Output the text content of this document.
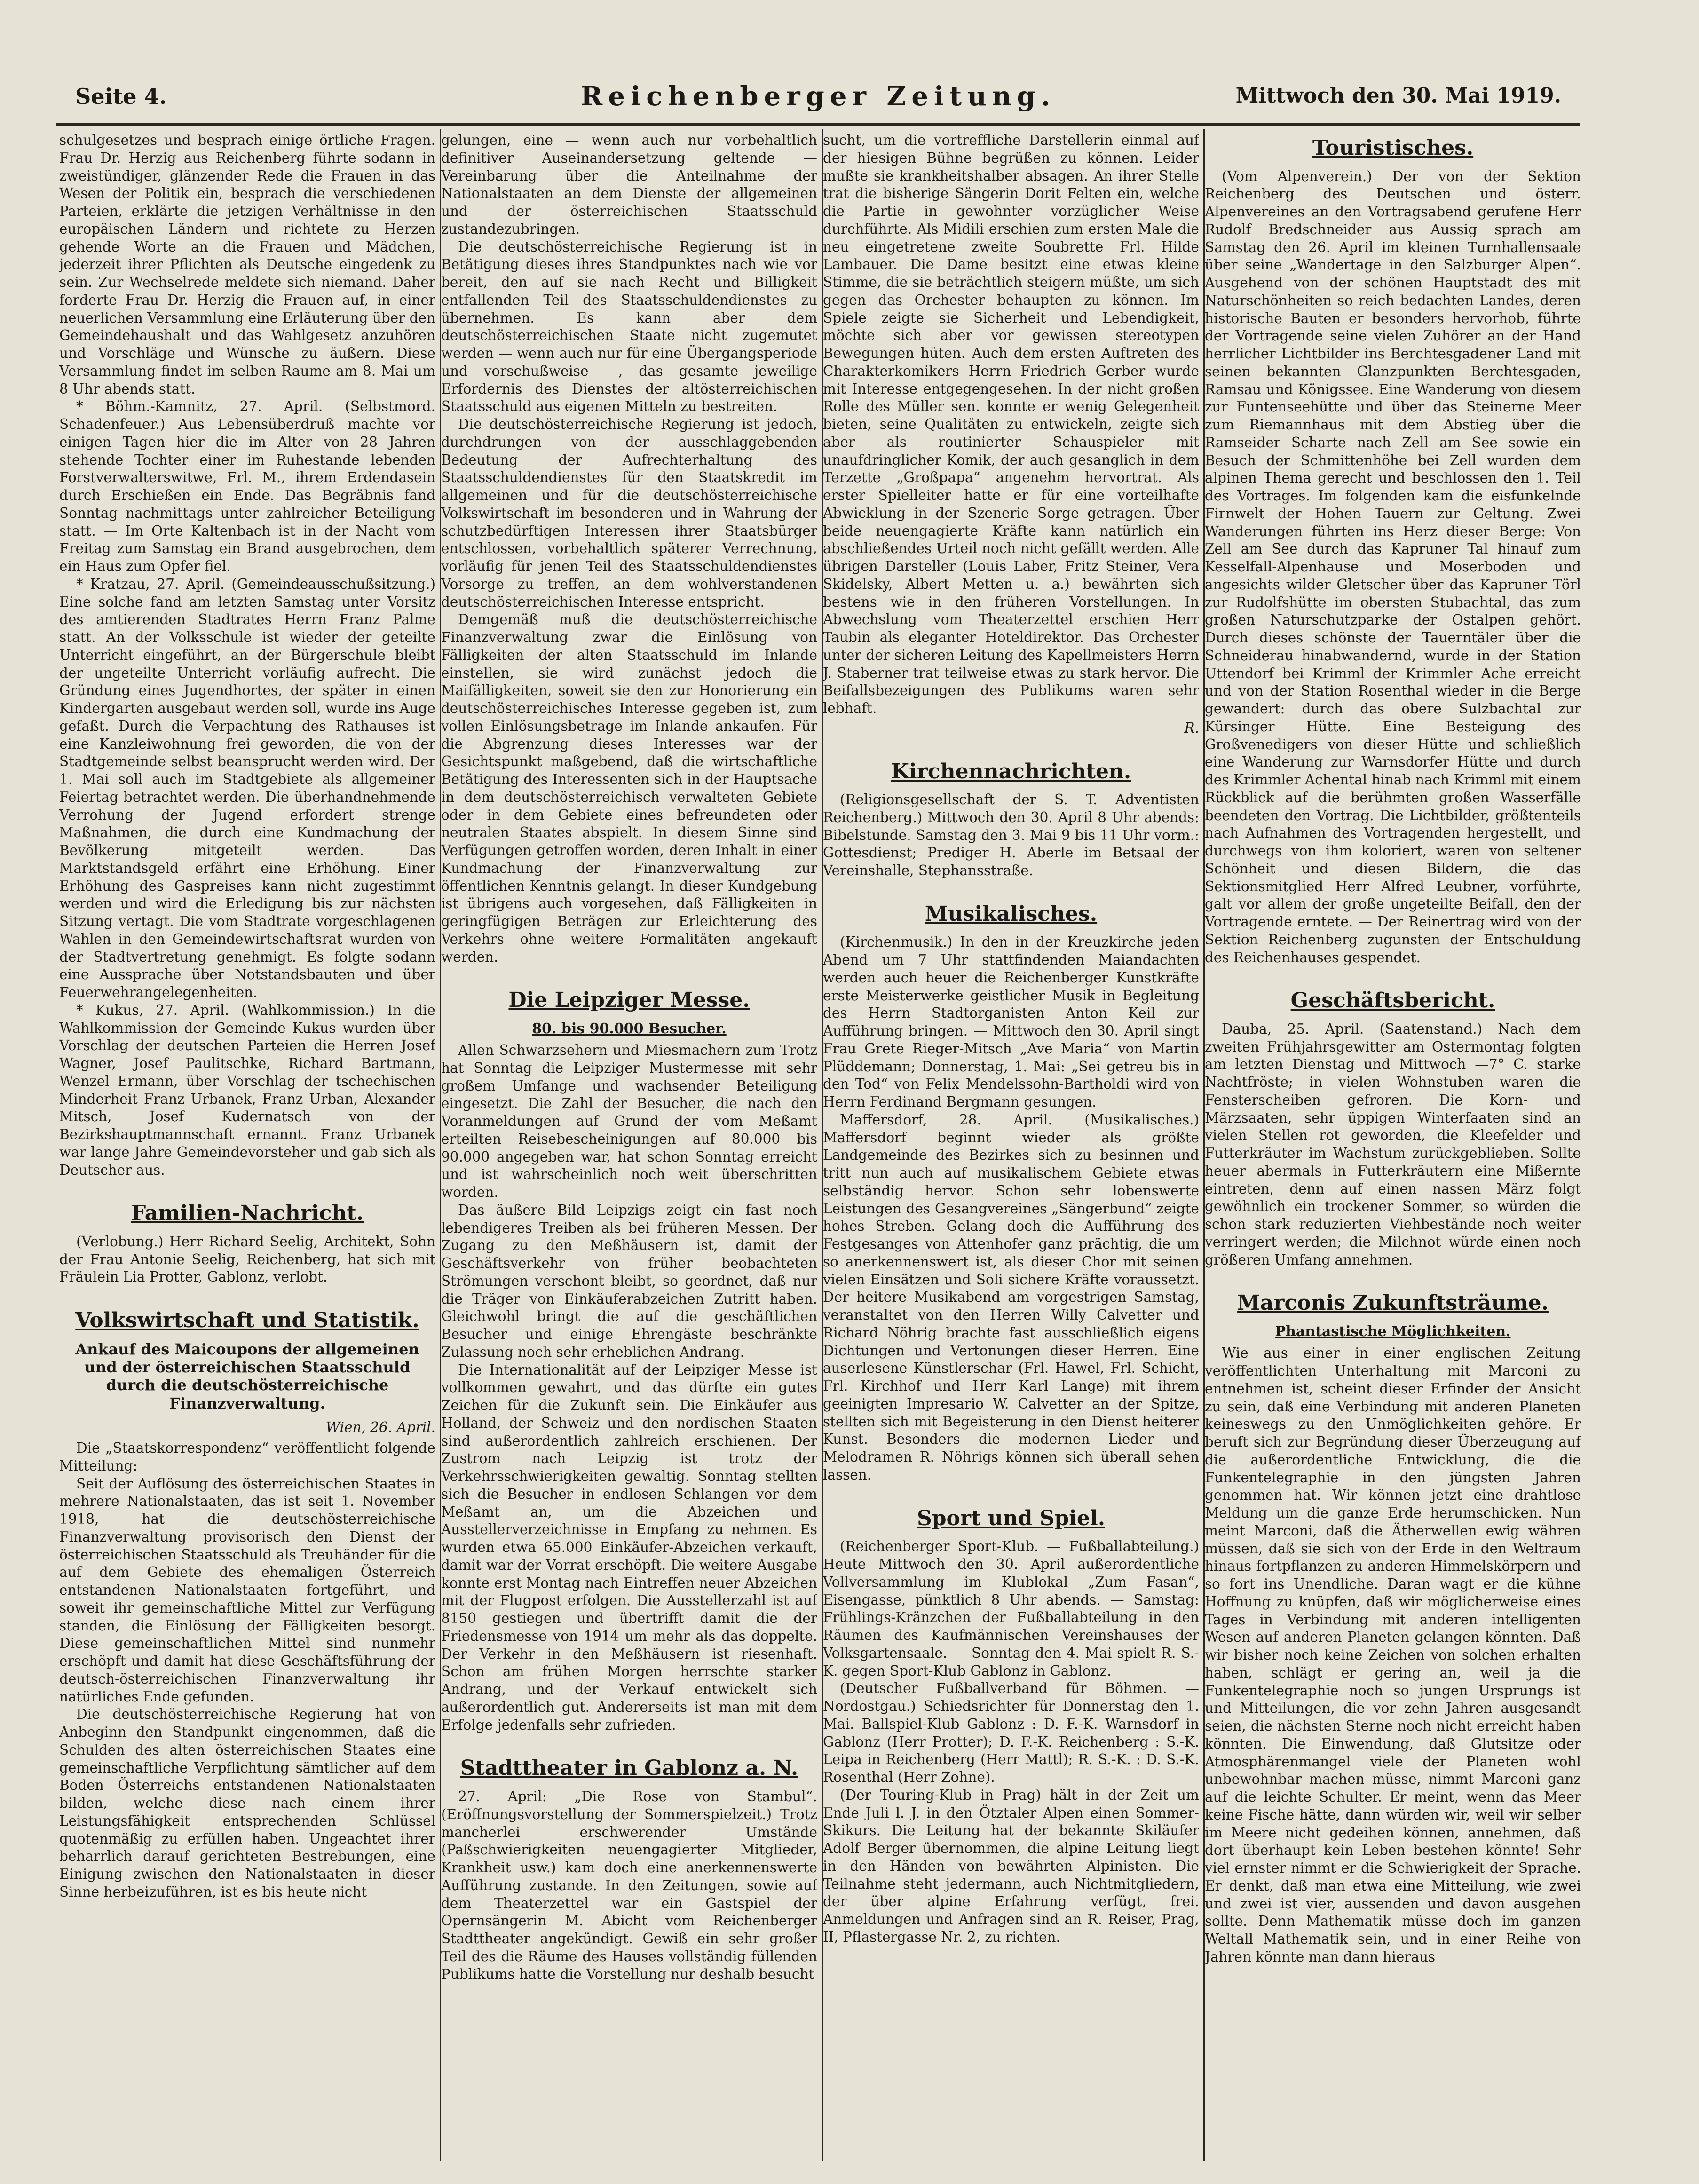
Seite 4.	Reichenberger Zeitung.	Mittwoch den 30. Mai 1919.

schulgesetzes und besprach einige örtliche Fragen. Frau Dr. Herzig aus Reichenberg führte sodann in zweistündiger, glänzender Rede die Frauen in das Wesen der Politik ein, besprach die verschiedenen Parteien, erklärte die jetzigen Verhältnisse in den europäischen Ländern und richtete zu Herzen gehende Worte an die Frauen und Mädchen, jederzeit ihrer Pflichten als Deutsche eingedenk zu sein. Zur Wechselrede meldete sich niemand. Daher forderte Frau Dr. Herzig die Frauen auf, in einer neuerlichen Versammlung eine Erläuterung über den Gemeindehaushalt und das Wahlgesetz anzuhören und Vorschläge und Wünsche zu äußern. Diese Versammlung findet im selben Raume am 8. Mai um 8 Uhr abends statt.

* Böhm.-Kamnitz, 27. April. (Selbstmord. Schadenfeuer.) Aus Lebensüberdruß machte vor einigen Tagen hier die im Alter von 28 Jahren stehende Tochter einer im Ruhestande lebenden Forstverwalterswitwe, Frl. M., ihrem Erdendasein durch Erschießen ein Ende. Das Begräbnis fand Sonntag nachmittags unter zahlreicher Beteiligung statt. — Im Orte Kaltenbach ist in der Nacht vom Freitag zum Samstag ein Brand ausgebrochen, dem ein Haus zum Opfer fiel.

* Kratzau, 27. April. (Gemeindeausschußsitzung.) Eine solche fand am letzten Samstag unter Vorsitz des amtierenden Stadtrates Herrn Franz Palme statt. An der Volksschule ist wieder der geteilte Unterricht eingeführt, an der Bürgerschule bleibt der ungeteilte Unterricht vorläufig aufrecht. Die Gründung eines Jugendhortes, der später in einen Kindergarten ausgebaut werden soll, wurde ins Auge gefaßt. Durch die Verpachtung des Rathauses ist eine Kanzleiwohnung frei geworden, die von der Stadtgemeinde selbst beansprucht werden wird. Der 1. Mai soll auch im Stadtgebiete als allgemeiner Feiertag betrachtet werden. Die überhandnehmende Verrohung der Jugend erfordert strenge Maßnahmen, die durch eine Kundmachung der Bevölkerung mitgeteilt werden. Das Marktstandsgeld erfährt eine Erhöhung. Einer Erhöhung des Gaspreises kann nicht zugestimmt werden und wird die Erledigung bis zur nächsten Sitzung vertagt. Die vom Stadtrate vorgeschlagenen Wahlen in den Gemeindewirtschaftsrat wurden von der Stadtvertretung genehmigt. Es folgte sodann eine Aussprache über Notstandsbauten und über Feuerwehrangelegenheiten.

* Kukus, 27. April. (Wahlkommission.) In die Wahlkommission der Gemeinde Kukus wurden über Vorschlag der deutschen Parteien die Herren Josef Wagner, Josef Paulitschke, Richard Bartmann, Wenzel Ermann, über Vorschlag der tschechischen Minderheit Franz Urbanek, Franz Urban, Alexander Mitsch, Josef Kudernatsch von der Bezirkshauptmannschaft ernannt. Franz Urbanek war lange Jahre Gemeindevorsteher und gab sich als Deutscher aus.

Familien-Nachricht.

(Verlobung.) Herr Richard Seelig, Architekt, Sohn der Frau Antonie Seelig, Reichenberg, hat sich mit Fräulein Lia Protter, Gablonz, verlobt.

Volkswirtschaft und Statistik.
Ankauf des Maicoupons der allgemeinen und der österreichischen Staatsschuld durch die deutschösterreichische Finanzverwaltung.
Wien, 26. April.

Die „Staatskorrespondenz“ veröffentlicht folgende Mitteilung:

Seit der Auflösung des österreichischen Staates in mehrere Nationalstaaten, das ist seit 1. November 1918, hat die deutschösterreichische Finanzverwaltung provisorisch den Dienst der österreichischen Staatsschuld als Treuhänder für die auf dem Gebiete des ehemaligen Österreich entstandenen Nationalstaaten fortgeführt, und soweit ihr gemeinschaftliche Mittel zur Verfügung standen, die Einlösung der Fälligkeiten besorgt. Diese gemeinschaftlichen Mittel sind nunmehr erschöpft und damit hat diese Geschäftsführung der deutsch-österreichischen Finanzverwaltung ihr natürliches Ende gefunden.

Die deutschösterreichische Regierung hat von Anbeginn den Standpunkt eingenommen, daß die Schulden des alten österreichischen Staates eine gemeinschaftliche Verpflichtung sämtlicher auf dem Boden Österreichs entstandenen Nationalstaaten bilden, welche diese nach einem ihrer Leistungsfähigkeit entsprechenden Schlüssel quotenmäßig zu erfüllen haben. Ungeachtet ihrer beharrlich darauf gerichteten Bestrebungen, eine Einigung zwischen den Nationalstaaten in dieser Sinne herbeizuführen, ist es bis heute nicht

gelungen, eine — wenn auch nur vorbehaltlich definitiver Auseinandersetzung geltende — Vereinbarung über die Anteilnahme der Nationalstaaten an dem Dienste der allgemeinen und der österreichischen Staatsschuld zustandezubringen.

Die deutschösterreichische Regierung ist in Betätigung dieses ihres Standpunktes nach wie vor bereit, den auf sie nach Recht und Billigkeit entfallenden Teil des Staatsschuldendienstes zu übernehmen. Es kann aber dem deutschösterreichischen Staate nicht zugemutet werden — wenn auch nur für eine Übergangsperiode und vorschußweise —, das gesamte jeweilige Erfordernis des Dienstes der altösterreichischen Staatsschuld aus eigenen Mitteln zu bestreiten.

Die deutschösterreichische Regierung ist jedoch, durchdrungen von der ausschlaggebenden Bedeutung der Aufrechterhaltung des Staatsschuldendienstes für den Staatskredit im allgemeinen und für die deutschösterreichische Volkswirtschaft im besonderen und in Wahrung der schutzbedürftigen Interessen ihrer Staatsbürger entschlossen, vorbehaltlich späterer Verrechnung, vorläufig für jenen Teil des Staatsschuldendienstes Vorsorge zu treffen, an dem wohlverstandenen deutschösterreichischen Interesse entspricht.

Demgemäß muß die deutschösterreichische Finanzverwaltung zwar die Einlösung von Fälligkeiten der alten Staatsschuld im Inlande einstellen, sie wird zunächst jedoch die Maifälligkeiten, soweit sie den zur Honorierung ein deutschösterreichisches Interesse gegeben ist, zum vollen Einlösungsbetrage im Inlande ankaufen. Für die Abgrenzung dieses Interesses war der Gesichtspunkt maßgebend, daß die wirtschaftliche Betätigung des Interessenten sich in der Hauptsache in dem deutschösterreichisch verwalteten Gebiete oder in dem Gebiete eines befreundeten oder neutralen Staates abspielt. In diesem Sinne sind Verfügungen getroffen worden, deren Inhalt in einer Kundmachung der Finanzverwaltung zur öffentlichen Kenntnis gelangt. In dieser Kundgebung ist übrigens auch vorgesehen, daß Fälligkeiten in geringfügigen Beträgen zur Erleichterung des Verkehrs ohne weitere Formalitäten angekauft werden.

Die Leipziger Messe.
80. bis 90.000 Besucher.

Allen Schwarzsehern und Miesmachern zum Trotz hat Sonntag die Leipziger Mustermesse mit sehr großem Umfange und wachsender Beteiligung eingesetzt. Die Zahl der Besucher, die nach den Voranmeldungen auf Grund der vom Meßamt erteilten Reisebescheinigungen auf 80.000 bis 90.000 angegeben war, hat schon Sonntag erreicht und ist wahrscheinlich noch weit überschritten worden.

Das äußere Bild Leipzigs zeigt ein fast noch lebendigeres Treiben als bei früheren Messen. Der Zugang zu den Meßhäusern ist, damit der Geschäftsverkehr von früher beobachteten Strömungen verschont bleibt, so geordnet, daß nur die Träger von Einkäuferabzeichen Zutritt haben. Gleichwohl bringt die auf die geschäftlichen Besucher und einige Ehrengäste beschränkte Zulassung noch sehr erheblichen Andrang.

Die Internationalität auf der Leipziger Messe ist vollkommen gewahrt, und das dürfte ein gutes Zeichen für die Zukunft sein. Die Einkäufer aus Holland, der Schweiz und den nordischen Staaten sind außerordentlich zahlreich erschienen. Der Zustrom nach Leipzig ist trotz der Verkehrsschwierigkeiten gewaltig. Sonntag stellten sich die Besucher in endlosen Schlangen vor dem Meßamt an, um die Abzeichen und Ausstellerverzeichnisse in Empfang zu nehmen. Es wurden etwa 65.000 Einkäufer-Abzeichen verkauft, damit war der Vorrat erschöpft. Die weitere Ausgabe konnte erst Montag nach Eintreffen neuer Abzeichen mit der Flugpost erfolgen. Die Ausstellerzahl ist auf 8150 gestiegen und übertrifft damit die der Friedensmesse von 1914 um mehr als das doppelte. Der Verkehr in den Meßhäusern ist riesenhaft. Schon am frühen Morgen herrschte starker Andrang, und der Verkauf entwickelt sich außerordentlich gut. Andererseits ist man mit dem Erfolge jedenfalls sehr zufrieden.

Stadttheater in Gablonz a. N.

27. April: „Die Rose von Stambul“. (Eröffnungsvorstellung der Sommerspielzeit.) Trotz mancherlei erschwerender Umstände (Paßschwierigkeiten neuengagierter Mitglieder, Krankheit usw.) kam doch eine anerkennenswerte Aufführung zustande. In den Zeitungen, sowie auf dem Theaterzettel war ein Gastspiel der Opernsängerin M. Abicht vom Reichenberger Stadttheater angekündigt. Gewiß ein sehr großer Teil des die Räume des Hauses vollständig füllenden Publikums hatte die Vorstellung nur deshalb besucht

sucht, um die vortreffliche Darstellerin einmal auf der hiesigen Bühne begrüßen zu können. Leider mußte sie krankheitshalber absagen. An ihrer Stelle trat die bisherige Sängerin Dorit Felten ein, welche die Partie in gewohnter vorzüglicher Weise durchführte. Als Midili erschien zum ersten Male die neu eingetretene zweite Soubrette Frl. Hilde Lambauer. Die Dame besitzt eine etwas kleine Stimme, die sie beträchtlich steigern müßte, um sich gegen das Orchester behaupten zu können. Im Spiele zeigte sie Sicherheit und Lebendigkeit, möchte sich aber vor gewissen stereotypen Bewegungen hüten. Auch dem ersten Auftreten des Charakterkomikers Herrn Friedrich Gerber wurde mit Interesse entgegengesehen. In der nicht großen Rolle des Müller sen. konnte er wenig Gelegenheit bieten, seine Qualitäten zu entwickeln, zeigte sich aber als routinierter Schauspieler mit unaufdringlicher Komik, der auch gesanglich in dem Terzette „Großpapa“ angenehm hervortrat. Als erster Spielleiter hatte er für eine vorteilhafte Abwicklung in der Szenerie Sorge getragen. Über beide neuengagierte Kräfte kann natürlich ein abschließendes Urteil noch nicht gefällt werden. Alle übrigen Darsteller (Louis Laber, Fritz Steiner, Vera Skidelsky, Albert Metten u. a.) bewährten sich bestens wie in den früheren Vorstellungen. In Abwechslung vom Theaterzettel erschien Herr Taubin als eleganter Hoteldirektor. Das Orchester unter der sicheren Leitung des Kapellmeisters Herrn J. Staberner trat teilweise etwas zu stark hervor. Die Beifallsbezeigungen des Publikums waren sehr lebhaft.

R.
Kirchennachrichten.

(Religionsgesellschaft der S. T. Adventisten Reichenberg.) Mittwoch den 30. April 8 Uhr abends: Bibelstunde. Samstag den 3. Mai 9 bis 11 Uhr vorm.: Gottesdienst; Prediger H. Aberle im Betsaal der Vereinshalle, Stephansstraße.

Musikalisches.

(Kirchenmusik.) In den in der Kreuzkirche jeden Abend um 7 Uhr stattfindenden Maiandachten werden auch heuer die Reichenberger Kunstkräfte erste Meisterwerke geistlicher Musik in Begleitung des Herrn Stadtorganisten Anton Keil zur Aufführung bringen. — Mittwoch den 30. April singt Frau Grete Rieger-Mitsch „Ave Maria“ von Martin Plüddemann; Donnerstag, 1. Mai: „Sei getreu bis in den Tod“ von Felix Mendelssohn-Bartholdi wird von Herrn Ferdinand Bergmann gesungen.

Maffersdorf, 28. April. (Musikalisches.) Maffersdorf beginnt wieder als größte Landgemeinde des Bezirkes sich zu besinnen und tritt nun auch auf musikalischem Gebiete etwas selbständig hervor. Schon sehr lobenswerte Leistungen des Gesangvereines „Sängerbund“ zeigte hohes Streben. Gelang doch die Aufführung des Festgesanges von Attenhofer ganz prächtig, die um so anerkennenswert ist, als dieser Chor mit seinen vielen Einsätzen und Soli sichere Kräfte voraussetzt. Der heitere Musikabend am vorgestrigen Samstag, veranstaltet von den Herren Willy Calvetter und Richard Nöhrig brachte fast ausschließlich eigens Dichtungen und Vertonungen dieser Herren. Eine auserlesene Künstlerschar (Frl. Hawel, Frl. Schicht, Frl. Kirchhof und Herr Karl Lange) mit ihrem geeinigten Impresario W. Calvetter an der Spitze, stellten sich mit Begeisterung in den Dienst heiterer Kunst. Besonders die modernen Lieder und Melodramen R. Nöhrigs können sich überall sehen lassen.

Sport und Spiel.

(Reichenberger Sport-Klub. — Fußballabteilung.) Heute Mittwoch den 30. April außerordentliche Vollversammlung im Klublokal „Zum Fasan“, Eisengasse, pünktlich 8 Uhr abends. — Samstag: Frühlings-Kränzchen der Fußballabteilung in den Räumen des Kaufmännischen Vereinshauses der Volksgartensaale. — Sonntag den 4. Mai spielt R. S.-K. gegen Sport-Klub Gablonz in Gablonz.

(Deutscher Fußballverband für Böhmen. — Nordostgau.) Schiedsrichter für Donnerstag den 1. Mai. Ballspiel-Klub Gablonz : D. F.-K. Warnsdorf in Gablonz (Herr Protter); D. F.-K. Reichenberg : S.-K. Leipa in Reichenberg (Herr Mattl); R. S.-K. : D. S.-K. Rosenthal (Herr Zohne).

(Der Touring-Klub in Prag) hält in der Zeit um Ende Juli l. J. in den Ötztaler Alpen einen Sommer-Skikurs. Die Leitung hat der bekannte Skiläufer Adolf Berger übernommen, die alpine Leitung liegt in den Händen von bewährten Alpinisten. Die Teilnahme steht jedermann, auch Nichtmitgliedern, der über alpine Erfahrung verfügt, frei. Anmeldungen und Anfragen sind an R. Reiser, Prag, II, Pflastergasse Nr. 2, zu richten.

Touristisches.

(Vom Alpenverein.) Der von der Sektion Reichenberg des Deutschen und österr. Alpenvereines an den Vortragsabend gerufene Herr Rudolf Bredschneider aus Aussig sprach am Samstag den 26. April im kleinen Turnhallensaale über seine „Wandertage in den Salzburger Alpen“. Ausgehend von der schönen Hauptstadt des mit Naturschönheiten so reich bedachten Landes, deren historische Bauten er besonders hervorhob, führte der Vortragende seine vielen Zuhörer an der Hand herrlicher Lichtbilder ins Berchtesgadener Land mit seinen bekannten Glanzpunkten Berchtesgaden, Ramsau und Königssee. Eine Wanderung von diesem zur Funtenseehütte und über das Steinerne Meer zum Riemannhaus mit dem Abstieg über die Ramseider Scharte nach Zell am See sowie ein Besuch der Schmittenhöhe bei Zell wurden dem alpinen Thema gerecht und beschlossen den 1. Teil des Vortrages. Im folgenden kam die eisfunkelnde Firnwelt der Hohen Tauern zur Geltung. Zwei Wanderungen führten ins Herz dieser Berge: Von Zell am See durch das Kapruner Tal hinauf zum Kesselfall-Alpenhause und Moserboden und angesichts wilder Gletscher über das Kapruner Törl zur Rudolfshütte im obersten Stubachtal, das zum großen Naturschutzparke der Ostalpen gehört. Durch dieses schönste der Tauerntäler über die Schneiderau hinabwandernd, wurde in der Station Uttendorf bei Krimml der Krimmler Ache erreicht und von der Station Rosenthal wieder in die Berge gewandert: durch das obere Sulzbachtal zur Kürsinger Hütte. Eine Besteigung des Großvenedigers von dieser Hütte und schließlich eine Wanderung zur Warnsdorfer Hütte und durch des Krimmler Achental hinab nach Krimml mit einem Rückblick auf die berühmten großen Wasserfälle beendeten den Vortrag. Die Lichtbilder, größtenteils nach Aufnahmen des Vortragenden hergestellt, und durchwegs von ihm koloriert, waren von seltener Schönheit und diesen Bildern, die das Sektionsmitglied Herr Alfred Leubner, vorführte, galt vor allem der große ungeteilte Beifall, den der Vortragende erntete. — Der Reinertrag wird von der Sektion Reichenberg zugunsten der Entschuldung des Reichenhauses gespendet.

Geschäftsbericht.

Dauba, 25. April. (Saatenstand.) Nach dem zweiten Frühjahrsgewitter am Ostermontag folgten am letzten Dienstag und Mittwoch —7° C. starke Nachtfröste; in vielen Wohnstuben waren die Fensterscheiben gefroren. Die Korn- und Märzsaaten, sehr üppigen Winterfaaten sind an vielen Stellen rot geworden, die Kleefelder und Futterkräuter im Wachstum zurückgeblieben. Sollte heuer abermals in Futterkräutern eine Mißernte eintreten, denn auf einen nassen März folgt gewöhnlich ein trockener Sommer, so würden die schon stark reduzierten Viehbestände noch weiter verringert werden; die Milchnot würde einen noch größeren Umfang annehmen.

Marconis Zukunftsträume.
Phantastische Möglichkeiten.

Wie aus einer in einer englischen Zeitung veröffentlichten Unterhaltung mit Marconi zu entnehmen ist, scheint dieser Erfinder der Ansicht zu sein, daß eine Verbindung mit anderen Planeten keineswegs zu den Unmöglichkeiten gehöre. Er beruft sich zur Begründung dieser Überzeugung auf die außerordentliche Entwicklung, die die Funkentelegraphie in den jüngsten Jahren genommen hat. Wir können jetzt eine drahtlose Meldung um die ganze Erde herumschicken. Nun meint Marconi, daß die Ätherwellen ewig währen müssen, daß sie sich von der Erde in den Weltraum hinaus fortpflanzen zu anderen Himmelskörpern und so fort ins Unendliche. Daran wagt er die kühne Hoffnung zu knüpfen, daß wir möglicherweise eines Tages in Verbindung mit anderen intelligenten Wesen auf anderen Planeten gelangen könnten. Daß wir bisher noch keine Zeichen von solchen erhalten haben, schlägt er gering an, weil ja die Funkentelegraphie noch so jungen Ursprungs ist und Mitteilungen, die vor zehn Jahren ausgesandt seien, die nächsten Sterne noch nicht erreicht haben könnten. Die Einwendung, daß Glutsitze oder Atmosphärenmangel viele der Planeten wohl unbewohnbar machen müsse, nimmt Marconi ganz auf die leichte Schulter. Er meint, wenn das Meer keine Fische hätte, dann würden wir, weil wir selber im Meere nicht gedeihen können, annehmen, daß dort überhaupt kein Leben bestehen könnte! Sehr viel ernster nimmt er die Schwierigkeit der Sprache. Er denkt, daß man etwa eine Mitteilung, wie zwei und zwei ist vier, aussenden und davon ausgehen sollte. Denn Mathematik müsse doch im ganzen Weltall Mathematik sein, und in einer Reihe von Jahren könnte man dann hieraus
